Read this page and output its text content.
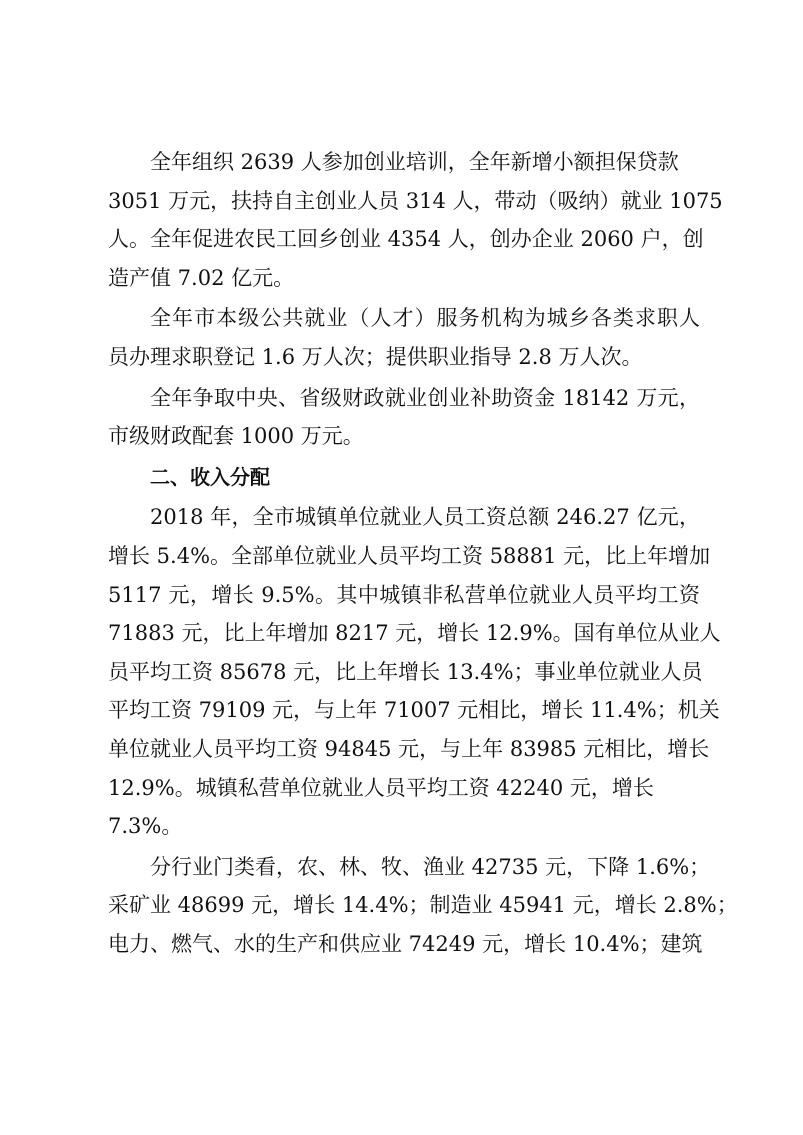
全年组织 2639 人参加创业培训，全年新增小额担保贷款
3051 万元，扶持自主创业人员 314 人，带动（吸纳）就业 1075
人。全年促进农民工回乡创业 4354 人，创办企业 2060 户，创
造产值 7.02 亿元。
全年市本级公共就业（人才）服务机构为城乡各类求职人
员办理求职登记 1.6 万人次；提供职业指导 2.8 万人次。
全年争取中央、省级财政就业创业补助资金 18142 万元，
市级财政配套 1000 万元。
二、收入分配
2018 年，全市城镇单位就业人员工资总额 246.27 亿元，
增长 5.4%。全部单位就业人员平均工资 58881 元，比上年增加
5117 元，增长 9.5%。其中城镇非私营单位就业人员平均工资
71883 元，比上年增加 8217 元，增长 12.9%。国有单位从业人
员平均工资 85678 元，比上年增长 13.4%；事业单位就业人员
平均工资 79109 元，与上年 71007 元相比，增长 11.4%；机关
单位就业人员平均工资 94845 元，与上年 83985 元相比，增长
12.9%。城镇私营单位就业人员平均工资 42240 元，增长
7.3%。
分行业门类看，农、林、牧、渔业 42735 元，下降 1.6%；
采矿业 48699 元，增长 14.4%；制造业 45941 元，增长 2.8%；
电力、燃气、水的生产和供应业 74249 元，增长 10.4%；建筑
